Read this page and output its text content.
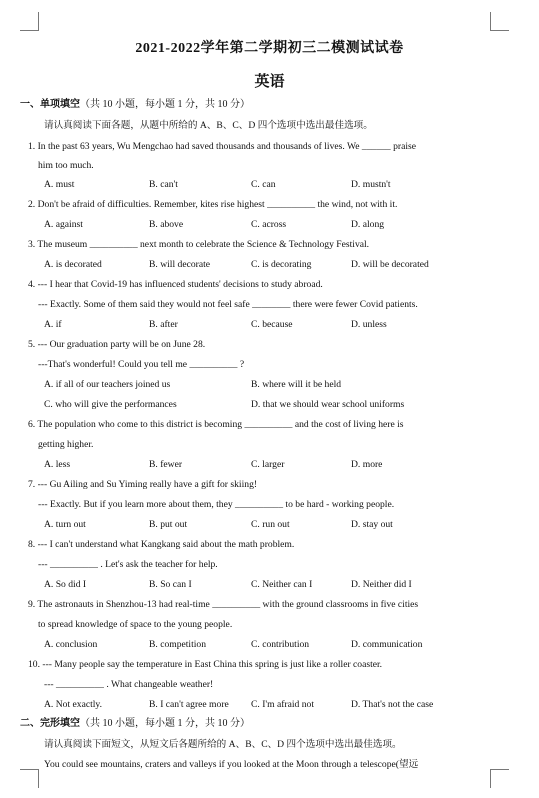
2021-2022学年第二学期初三二模测试试卷
英语
一、单项填空（共 10 小题，每小题 1 分，共 10 分）
请认真阅读下面各题，从题中所给的 A、B、C、D 四个选项中选出最佳选项。
1. In the past 63 years, Wu Mengchao had saved thousands and thousands of lives. We ______ praise
him too much.
A. must	B. can't	C. can	D. mustn't
2. Don't be afraid of difficulties. Remember, kites rise highest __________ the wind, not with it.
A. against	B. above	C. across	D. along
3. The museum __________ next month to celebrate the Science & Technology Festival.
A. is decorated	B. will decorate	C. is decorating	D. will be decorated
4. --- I hear that Covid-19 has influenced students' decisions to study abroad.
--- Exactly. Some of them said they would not feel safe ________ there were fewer Covid patients.
A. if	B. after	C. because	D. unless
5. --- Our graduation party will be on June 28.
---That's wonderful! Could you tell me __________ ?
A. if all of our teachers joined us	B. where will it be held
C. who will give the performances	D. that we should wear school uniforms
6. The population who come to this district is becoming __________ and the cost of living here is
getting higher.
A. less	B. fewer	C. larger	D. more
7. --- Gu Ailing and Su Yiming really have a gift for skiing!
--- Exactly. But if you learn more about them, they __________ to be hard - working people.
A. turn out	B. put out	C. run out	D. stay out
8. --- I can't understand what Kangkang said about the math problem.
--- __________ . Let's ask the teacher for help.
A. So did I	B. So can I	C. Neither can I	D. Neither did I
9. The astronauts in Shenzhou-13 had real-time __________ with the ground classrooms in five cities
to spread knowledge of space to the young people.
A. conclusion	B. competition	C. contribution	D. communication
10. --- Many people say the temperature in East China this spring is just like a roller coaster.
--- __________ . What changeable weather!
A. Not exactly.	B. I can't agree more C. I'm afraid not	D. That's not the case
二、完形填空（共 10 小题，每小题 1 分，共 10 分）
请认真阅读下面短文，从短文后各题所给的 A、B、C、D 四个选项中选出最佳选项。
You could see mountains, craters and valleys if you looked at the Moon through a telescope(望远
